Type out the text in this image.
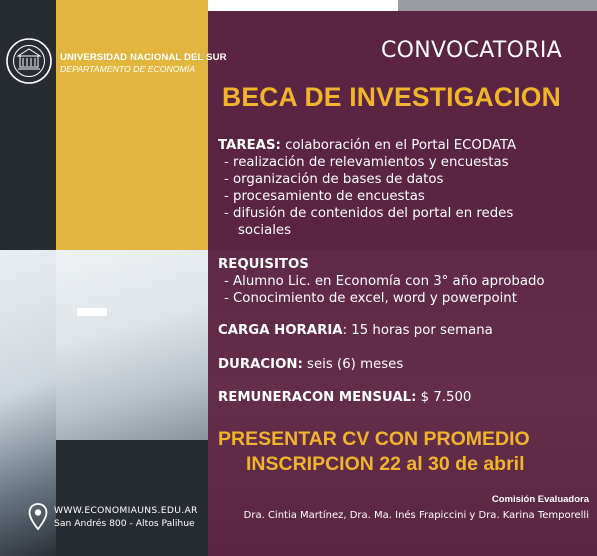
UNIVERSIDAD NACIONAL DEL SUR
DEPARTAMENTO DE ECONOMÍA
CONVOCATORIA
BECA DE INVESTIGACION
TAREAS: colaboración en el Portal ECODATA
- realización de relevamientos y encuestas
- organización de bases de datos
- procesamiento de encuestas
- difusión de contenidos del portal en redes
sociales
REQUISITOS
- Alumno Lic. en Economía con 3° año aprobado
- Conocimiento de excel, word y powerpoint
CARGA HORARIA: 15 horas por semana
DURACION: seis (6) meses
REMUNERACON MENSUAL: $ 7.500
PRESENTAR CV CON PROMEDIO
INSCRIPCION 22 al 30 de abril
Comisión Evaluadora
Dra. Cintia Martínez, Dra. Ma. Inés Frapiccini y Dra. Karina Temporelli
WWW.ECONOMIAUNS.EDU.AR
San Andrés 800 - Altos Palihue
